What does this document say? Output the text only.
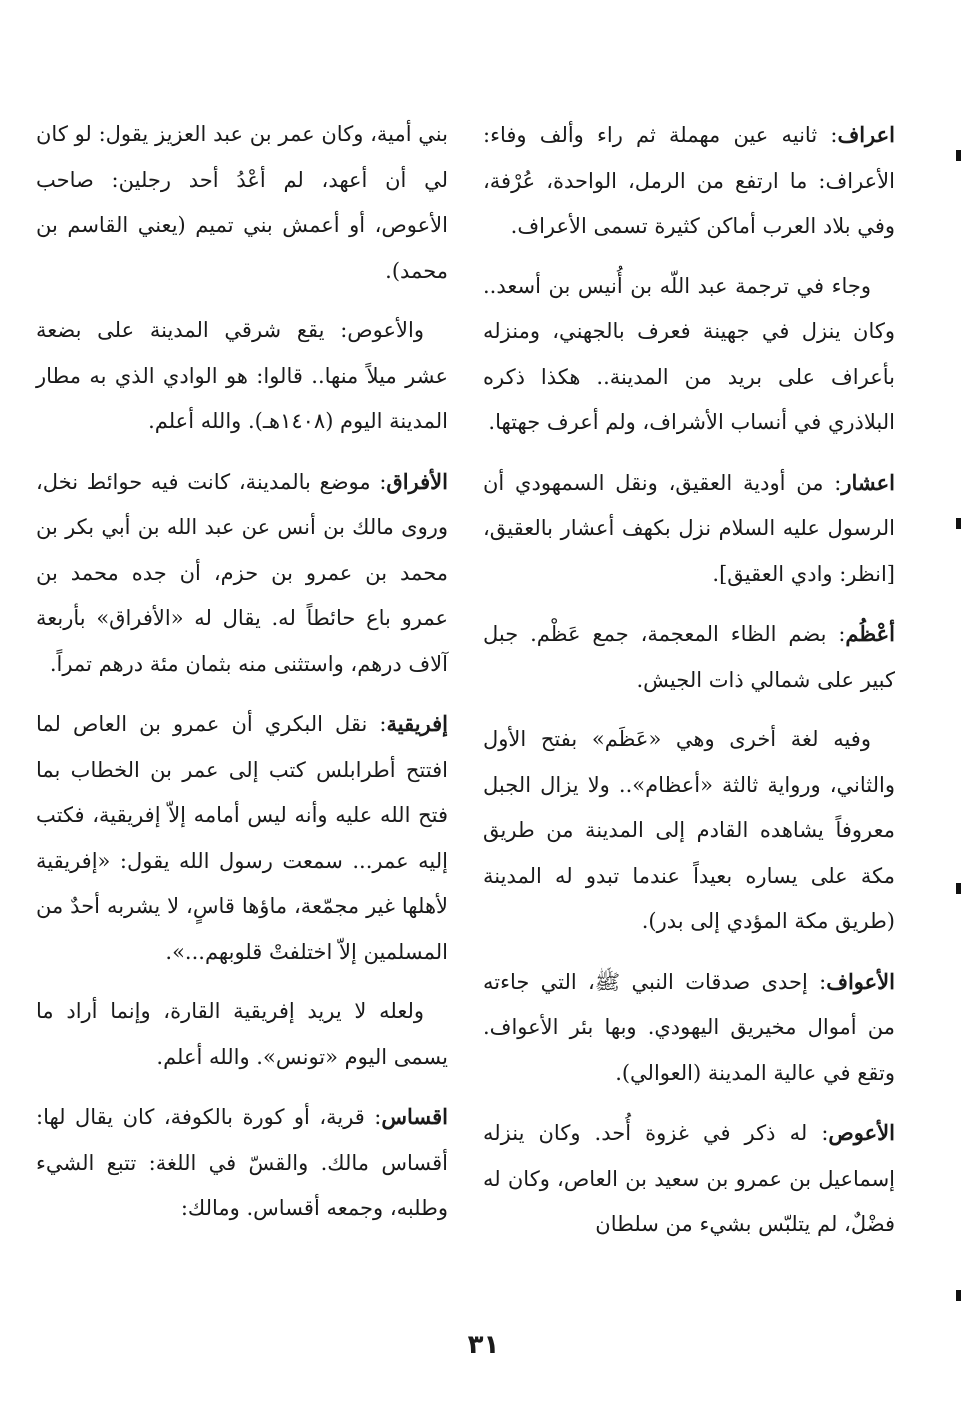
اعراف: ثانيه عين مهملة ثم راء وألف وفاء: الأعراف: ما ارتفع من الرمل، الواحدة، عُرْفة، وفي بلاد العرب أماكن كثيرة تسمى الأعراف.

وجاء في ترجمة عبد اللّه بن أُنيس بن أسعد.. وكان ينزل في جهينة فعرف بالجهني، ومنزله بأعراف على بريد من المدينة.. هكذا ذكره البلاذري في أنساب الأشراف، ولم أعرف جهتها.

اعشار: من أودية العقيق، ونقل السمهودي أن الرسول عليه السلام نزل بكهف أعشار بالعقيق، [انظر: وادي العقيق].

أعْظُم: بضم الظاء المعجمة، جمع عَظْم. جبل كبير على شمالي ذات الجيش.

وفيه لغة أخرى وهي «عَظَم» بفتح الأول والثاني، ورواية ثالثة «أعظام».. ولا يزال الجبل معروفاً يشاهده القادم إلى المدينة من طريق مكة على يساره بعيداً عندما تبدو له المدينة (طريق مكة المؤدي إلى بدر).

الأعواف: إحدى صدقات النبي ﷺ، التي جاءته من أموال مخيريق اليهودي. وبها بئر الأعواف. وتقع في عالية المدينة (العوالي).

الأعوص: له ذكر في غزوة أُحد. وكان ينزله إسماعيل بن عمرو بن سعيد بن العاص، وكان له فضْلٌ، لم يتلبّس بشيء من سلطان

بني أمية، وكان عمر بن عبد العزيز يقول: لو كان لي أن أعهد، لم أعْدُ أحد رجلين: صاحب الأعوص، أو أعمش بني تميم (يعني القاسم بن محمد).

والأعوص: يقع شرقي المدينة على بضعة عشر ميلاً منها.. قالوا: هو الوادي الذي به مطار المدينة اليوم (١٤٠٨هـ). والله أعلم.

الأفراق: موضع بالمدينة، كانت فيه حوائط نخل، وروى مالك بن أنس عن عبد الله بن أبي بكر بن محمد بن عمرو بن حزم، أن جده محمد بن عمرو باع حائطاً له. يقال له «الأفراق» بأربعة آلاف درهم، واستثنى منه بثمان مئة درهم تمراً.

إفريقية: نقل البكري أن عمرو بن العاص لما افتتح أطرابلس كتب إلى عمر بن الخطاب بما فتح الله عليه وأنه ليس أمامه إلاّ إفريقية، فكتب إليه عمر... سمعت رسول الله يقول: «إفريقية لأهلها غير مجمّعة، ماؤها قاسٍ، لا يشربه أحدٌ من المسلمين إلاّ اختلفتْ قلوبهم...».

ولعله لا يريد إفريقية القارة، وإنما أراد ما يسمى اليوم «تونس». والله أعلم.

اقساس: قرية، أو كورة بالكوفة، كان يقال لها: أقساس مالك. والقسّ في اللغة: تتبع الشيء وطلبه، وجمعه أقساس. ومالك:

٣١
